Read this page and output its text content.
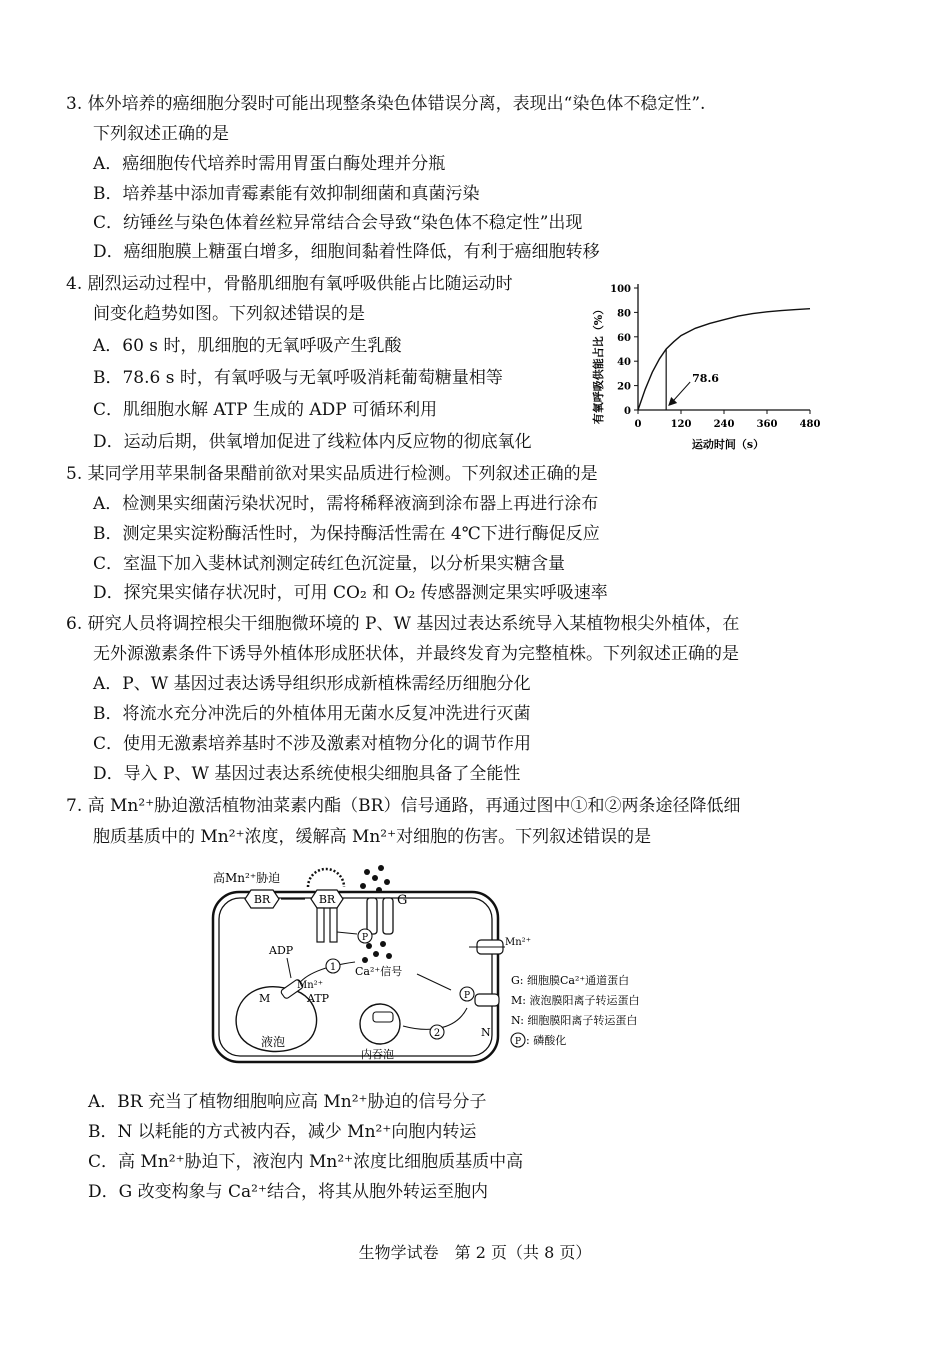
3. 体外培养的癌细胞分裂时可能出现整条染色体错误分离，表现出“染色体不稳定性”.
下列叙述正确的是
A．癌细胞传代培养时需用胃蛋白酶处理并分瓶
B．培养基中添加青霉素能有效抑制细菌和真菌污染
C．纺锤丝与染色体着丝粒异常结合会导致“染色体不稳定性”出现
D．癌细胞膜上糖蛋白增多，细胞间黏着性降低，有利于癌细胞转移
4. 剧烈运动过程中，骨骼肌细胞有氧呼吸供能占比随运动时
间变化趋势如图。下列叙述错误的是
A．60 s 时，肌细胞的无氧呼吸产生乳酸
B．78.6 s 时，有氧呼吸与无氧呼吸消耗葡萄糖量相等
C．肌细胞水解 ATP 生成的 ADP 可循环利用
D．运动后期，供氧增加促进了线粒体内反应物的彻底氧化
有氧呼吸供能占比（%） 0
20
40
60
80
100
0	120 240 360 480
78.6
运动时间（s）
5. 某同学用苹果制备果醋前欲对果实品质进行检测。下列叙述正确的是
A．检测果实细菌污染状况时，需将稀释液滴到涂布器上再进行涂布
B．测定果实淀粉酶活性时，为保持酶活性需在 4℃下进行酶促反应
C．室温下加入斐林试剂测定砖红色沉淀量，以分析果实糖含量
D．探究果实储存状况时，可用 CO₂ 和 O₂ 传感器测定果实呼吸速率
6. 研究人员将调控根尖干细胞微环境的 P、W 基因过表达系统导入某植物根尖外植体，在
无外源激素条件下诱导外植体形成胚状体，并最终发育为完整植株。下列叙述正确的是
A．P、W 基因过表达诱导组织形成新植株需经历细胞分化
B．将流水充分冲洗后的外植体用无菌水反复冲洗进行灭菌
C．使用无激素培养基时不涉及激素对植物分化的调节作用
D．导入 P、W 基因过表达系统使根尖细胞具备了全能性
7. 高 Mn²⁺胁迫激活植物油菜素内酯（BR）信号通路，再通过图中①和②两条途径降低细
胞质基质中的 Mn²⁺浓度，缓解高 Mn²⁺对细胞的伤害。下列叙述错误的是
高Mn²⁺胁迫
BR	BR	G
P
Ca²⁺信号
Mn²⁺
P
N
1
ADP
ATP
Mn²⁺
M
液泡
内吞泡
2
G: 细胞膜Ca²⁺通道蛋白
M: 液泡膜阳离子转运蛋白
N: 细胞膜阳离子转运蛋白
P : 磷酸化
A．BR 充当了植物细胞响应高 Mn²⁺胁迫的信号分子
B．N 以耗能的方式被内吞，减少 Mn²⁺向胞内转运
C．高 Mn²⁺胁迫下，液泡内 Mn²⁺浓度比细胞质基质中高
D．G 改变构象与 Ca²⁺结合，将其从胞外转运至胞内
生物学试卷　第 2 页（共 8 页）
